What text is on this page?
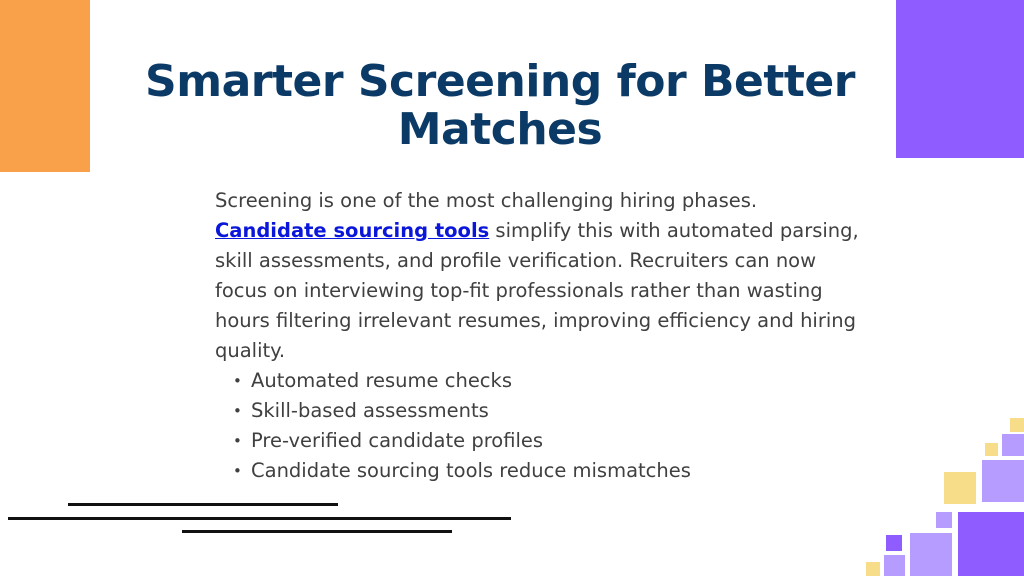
Smarter Screening for Better Matches

Screening is one of the most challenging hiring phases.
Candidate sourcing tools simplify this with automated parsing, skill assessments, and profile verification. Recruiters can now focus on interviewing top-fit professionals rather than wasting hours filtering irrelevant resumes, improving efficiency and hiring quality.

• Automated resume checks
• Skill-based assessments
• Pre-verified candidate profiles
• Candidate sourcing tools reduce mismatches
